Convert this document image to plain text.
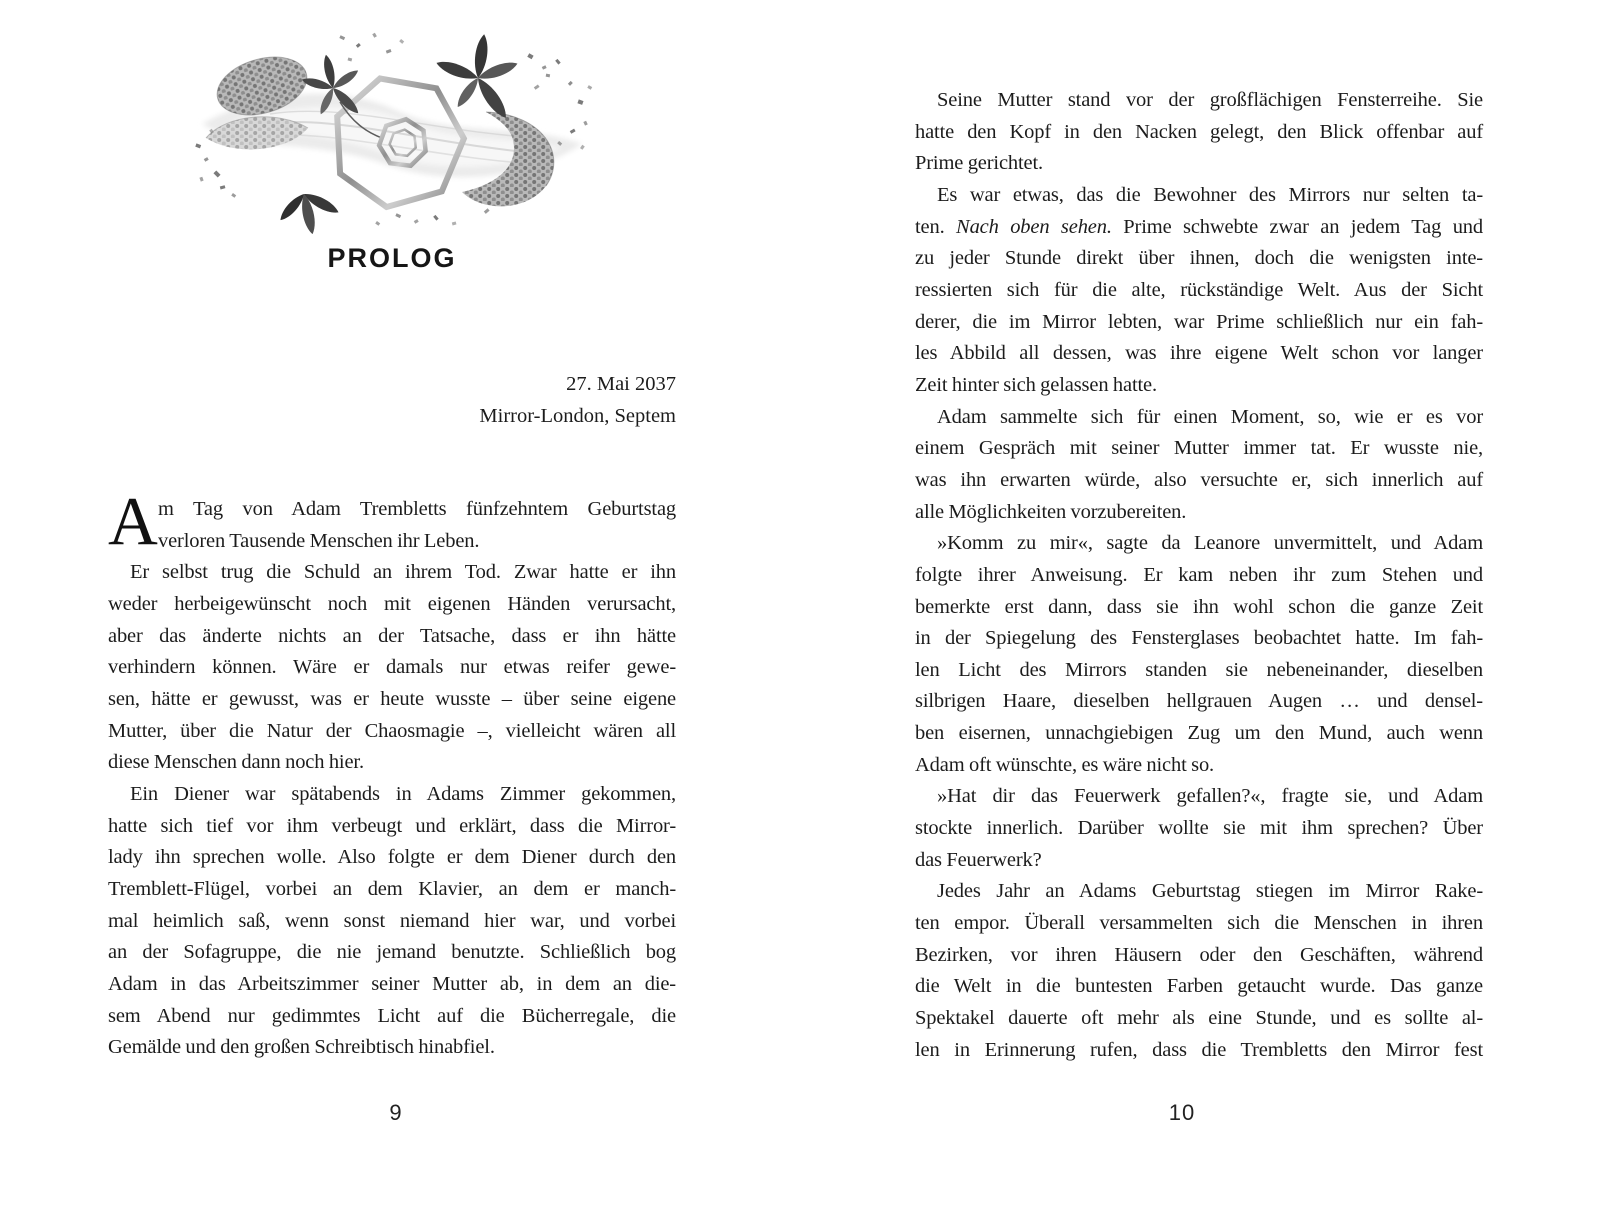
PROLOG
27. Mai 2037
Mirror-London, Septem
A m Tag von Adam Trembletts fünfzehntem Geburtstag
verloren Tausende Menschen ihr Leben.
Er selbst trug die Schuld an ihrem Tod. Zwar hatte er ihn
weder herbeigewünscht noch mit eigenen Händen verursacht,
aber das änderte nichts an der Tatsache, dass er ihn hätte
verhindern können. Wäre er damals nur etwas reifer gewe-
sen, hätte er gewusst, was er heute wusste – über seine eigene
Mutter, über die Natur der Chaosmagie –, vielleicht wären all
diese Menschen dann noch hier.
Ein Diener war spätabends in Adams Zimmer gekommen,
hatte sich tief vor ihm verbeugt und erklärt, dass die Mirror-
lady ihn sprechen wolle. Also folgte er dem Diener durch den
Tremblett-Flügel, vorbei an dem Klavier, an dem er manch-
mal heimlich saß, wenn sonst niemand hier war, und vorbei
an der Sofagruppe, die nie jemand benutzte. Schließlich bog
Adam in das Arbeitszimmer seiner Mutter ab, in dem an die-
sem Abend nur gedimmtes Licht auf die Bücherregale, die
Gemälde und den großen Schreibtisch hinabfiel.
9
Seine Mutter stand vor der großflächigen Fensterreihe. Sie
hatte den Kopf in den Nacken gelegt, den Blick offenbar auf
Prime gerichtet.
Es war etwas, das die Bewohner des Mirrors nur selten ta-
ten. Nach oben sehen. Prime schwebte zwar an jedem Tag und
zu jeder Stunde direkt über ihnen, doch die wenigsten inte-
ressierten sich für die alte, rückständige Welt. Aus der Sicht
derer, die im Mirror lebten, war Prime schließlich nur ein fah-
les Abbild all dessen, was ihre eigene Welt schon vor langer
Zeit hinter sich gelassen hatte.
Adam sammelte sich für einen Moment, so, wie er es vor
einem Gespräch mit seiner Mutter immer tat. Er wusste nie,
was ihn erwarten würde, also versuchte er, sich innerlich auf
alle Möglichkeiten vorzubereiten.
»Komm zu mir«, sagte da Leanore unvermittelt, und Adam
folgte ihrer Anweisung. Er kam neben ihr zum Stehen und
bemerkte erst dann, dass sie ihn wohl schon die ganze Zeit
in der Spiegelung des Fensterglases beobachtet hatte. Im fah-
len Licht des Mirrors standen sie nebeneinander, dieselben
silbrigen Haare, dieselben hellgrauen Augen … und densel-
ben eisernen, unnachgiebigen Zug um den Mund, auch wenn
Adam oft wünschte, es wäre nicht so.
»Hat dir das Feuerwerk gefallen?«, fragte sie, und Adam
stockte innerlich. Darüber wollte sie mit ihm sprechen? Über
das Feuerwerk?
Jedes Jahr an Adams Geburtstag stiegen im Mirror Rake-
ten empor. Überall versammelten sich die Menschen in ihren
Bezirken, vor ihren Häusern oder den Geschäften, während
die Welt in die buntesten Farben getaucht wurde. Das ganze
Spektakel dauerte oft mehr als eine Stunde, und es sollte al-
len in Erinnerung rufen, dass die Trembletts den Mirror fest
10
